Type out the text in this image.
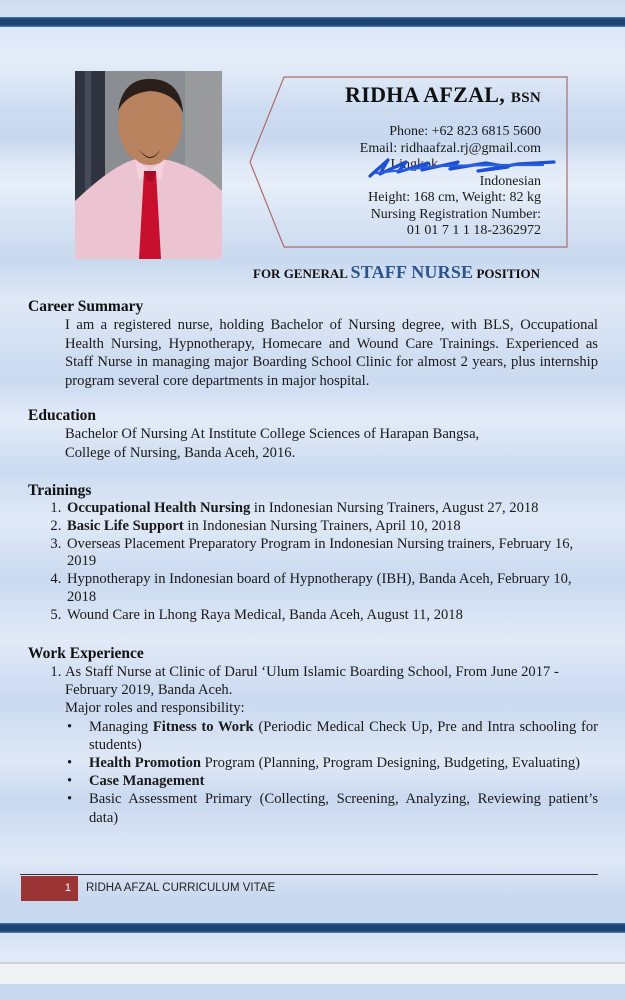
RIDHA AFZAL, BSN
Phone: +62 823 6815 5600
Email: ridhaafzal.rj@gmail.com
Lingkok
Indonesian
Height: 168 cm, Weight: 82 kg
Nursing Registration Number:
01 01 7 1 1 18-2362972
FOR GENERAL STAFF NURSE POSITION
Career Summary
I am a registered nurse, holding Bachelor of Nursing degree, with BLS, Occupational Health Nursing, Hypnotherapy, Homecare and Wound Care Trainings. Experienced as Staff Nurse in managing major Boarding School Clinic for almost 2 years, plus internship program several core departments in major hospital.
Education
Bachelor Of Nursing At Institute College Sciences of Harapan Bangsa,
College of Nursing, Banda Aceh, 2016.
Trainings
1. Occupational Health Nursing in Indonesian Nursing Trainers, August 27, 2018
2. Basic Life Support in Indonesian Nursing Trainers, April 10, 2018
3. Overseas Placement Preparatory Program in Indonesian Nursing trainers, February 16, 2019
4. Hypnotherapy in Indonesian board of Hypnotherapy (IBH), Banda Aceh, February 10, 2018
5. Wound Care in Lhong Raya Medical, Banda Aceh, August 11, 2018
Work Experience
1. As Staff Nurse at Clinic of Darul ‘Ulum Islamic Boarding School, From June 2017 - February 2019, Banda Aceh.
Major roles and responsibility:
• Managing Fitness to Work (Periodic Medical Check Up, Pre and Intra schooling for students)
• Health Promotion Program (Planning, Program Designing, Budgeting, Evaluating)
• Case Management
• Basic Assessment Primary (Collecting, Screening, Analyzing, Reviewing patient’s data)
1	RIDHA AFZAL CURRICULUM VITAE
